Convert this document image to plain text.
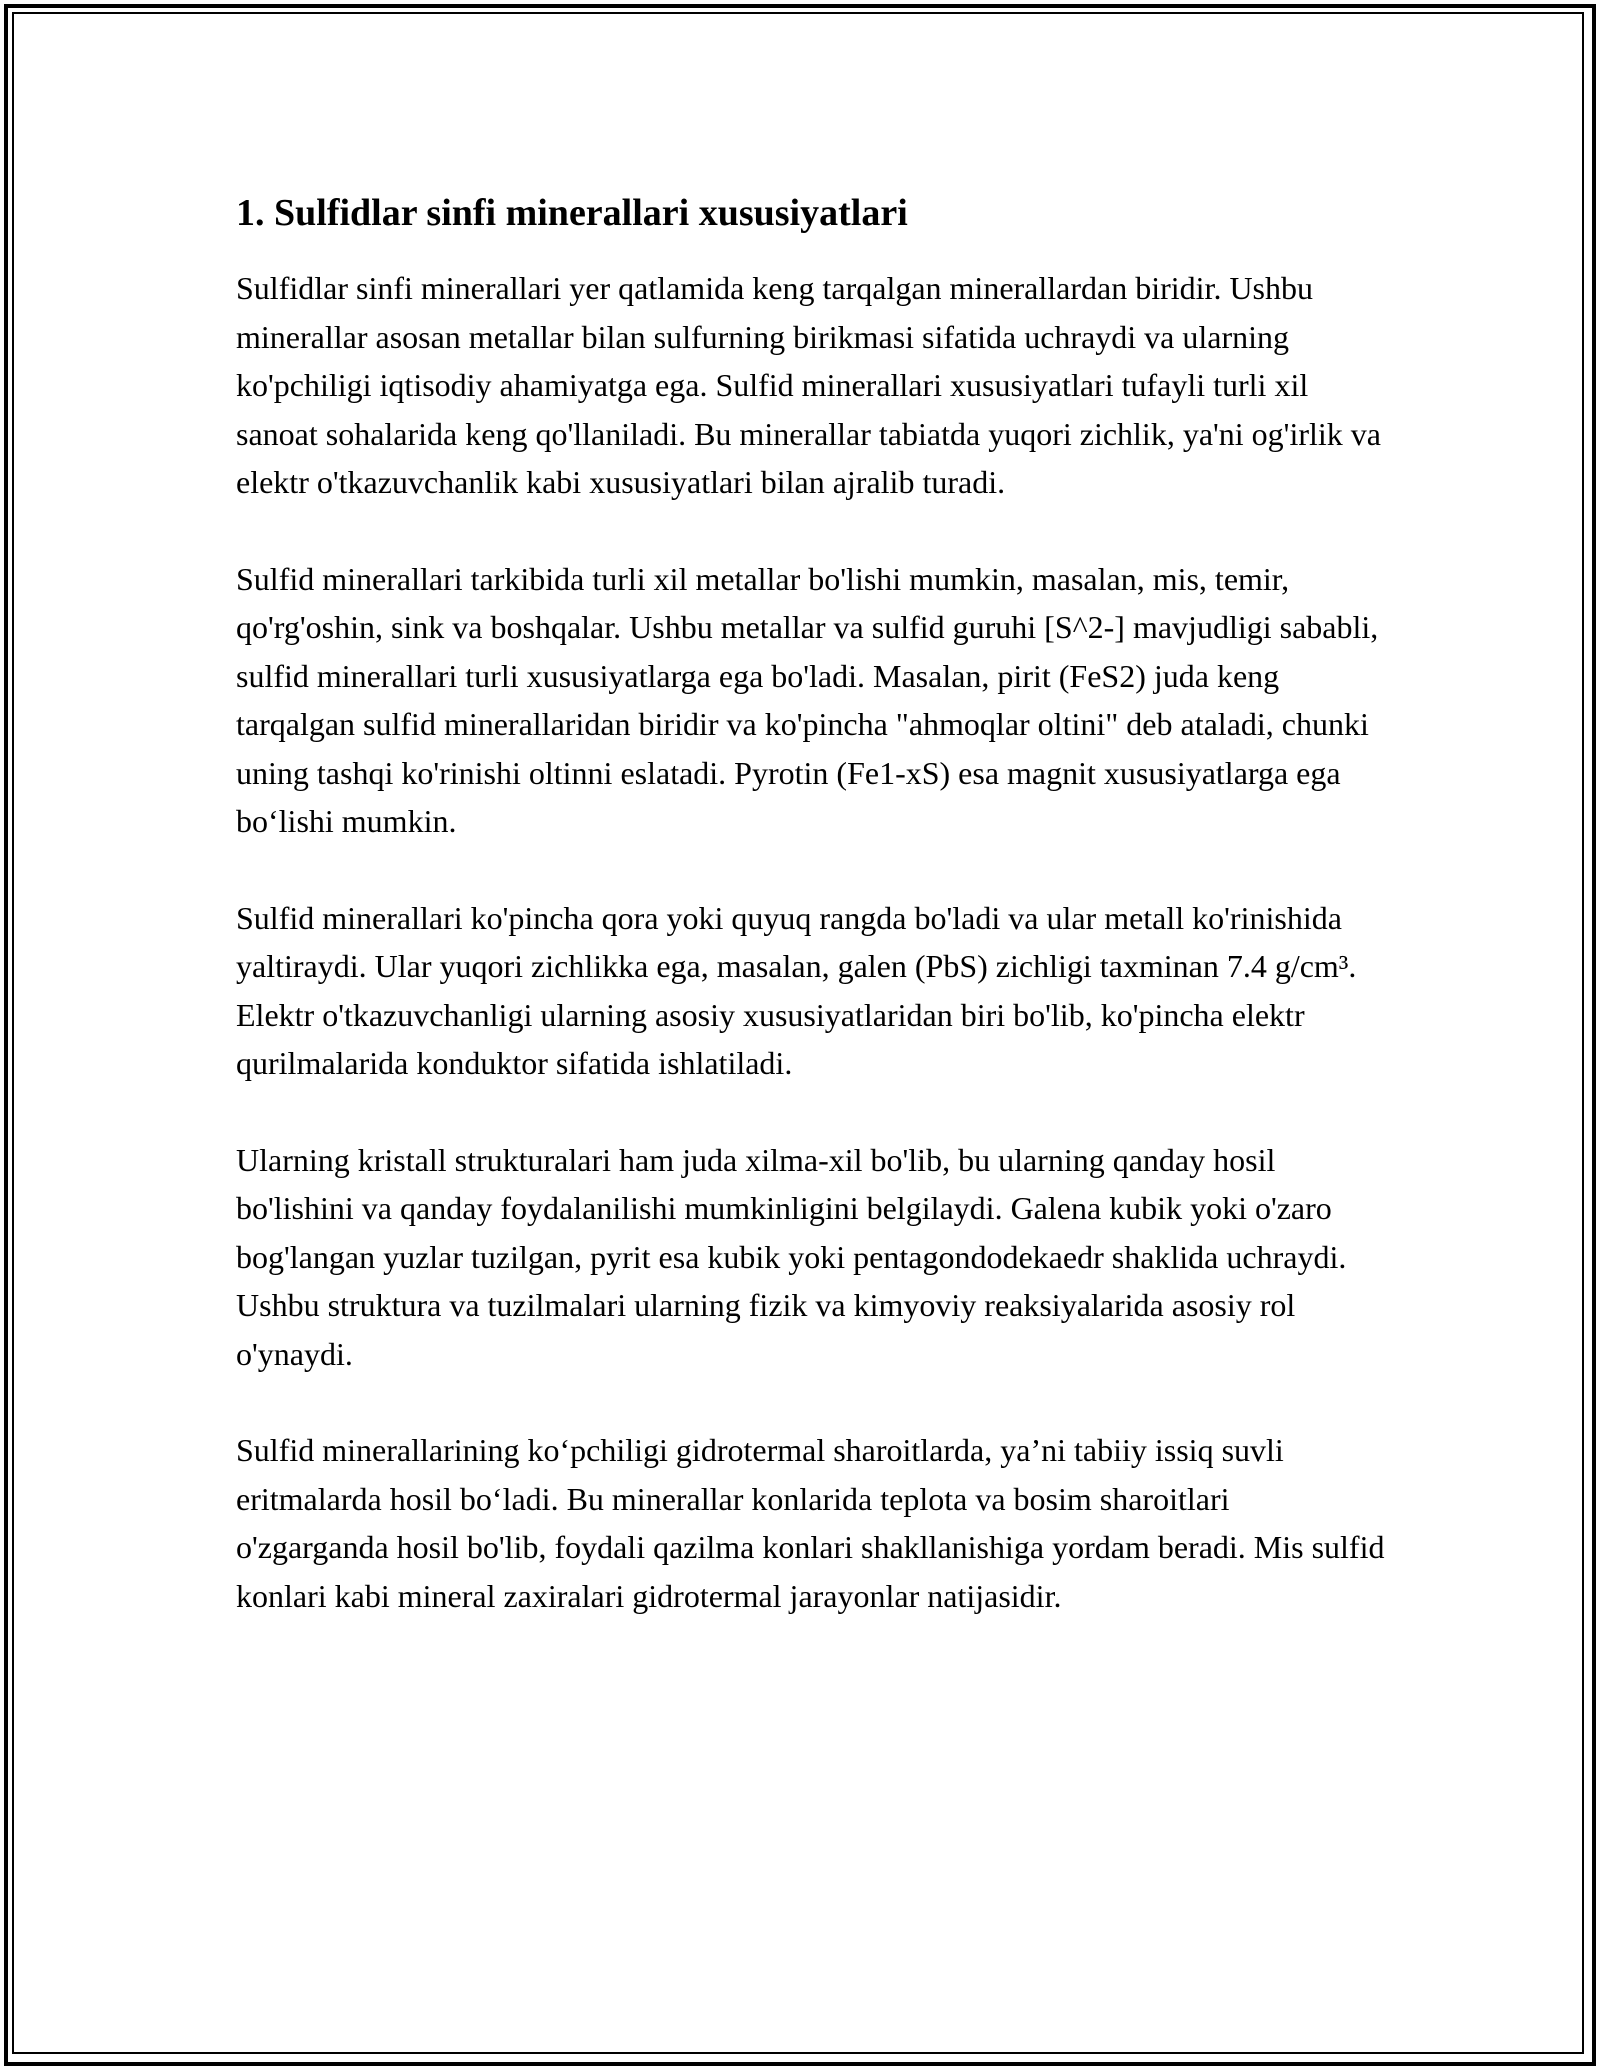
1. Sulfidlar sinfi minerallari xususiyatlari

Sulfidlar sinfi minerallari yer qatlamida keng tarqalgan minerallardan biridir. Ushbu minerallar asosan metallar bilan sulfurning birikmasi sifatida uchraydi va ularning ko'pchiligi iqtisodiy ahamiyatga ega. Sulfid minerallari xususiyatlari tufayli turli xil sanoat sohalarida keng qo'llaniladi. Bu minerallar tabiatda yuqori zichlik, ya'ni og'irlik va elektr o'tkazuvchanlik kabi xususiyatlari bilan ajralib turadi.

Sulfid minerallari tarkibida turli xil metallar bo'lishi mumkin, masalan, mis, temir, qo'rg'oshin, sink va boshqalar. Ushbu metallar va sulfid guruhi [S^2-] mavjudligi sababli, sulfid minerallari turli xususiyatlarga ega bo'ladi. Masalan, pirit (FeS2) juda keng tarqalgan sulfid minerallaridan biridir va ko'pincha "ahmoqlar oltini" deb ataladi, chunki uning tashqi ko'rinishi oltinni eslatadi. Pyrotin (Fe1-xS) esa magnit xususiyatlarga ega bo‘lishi mumkin.

Sulfid minerallari ko'pincha qora yoki quyuq rangda bo'ladi va ular metall ko'rinishida yaltiraydi. Ular yuqori zichlikka ega, masalan, galen (PbS) zichligi taxminan 7.4 g/cm³. Elektr o'tkazuvchanligi ularning asosiy xususiyatlaridan biri bo'lib, ko'pincha elektr qurilmalarida konduktor sifatida ishlatiladi.

Ularning kristall strukturalari ham juda xilma-xil bo'lib, bu ularning qanday hosil bo'lishini va qanday foydalanilishi mumkinligini belgilaydi. Galena kubik yoki o'zaro bog'langan yuzlar tuzilgan, pyrit esa kubik yoki pentagondodekaedr shaklida uchraydi. Ushbu struktura va tuzilmalari ularning fizik va kimyoviy reaksiyalarida asosiy rol o'ynaydi.

Sulfid minerallarining ko‘pchiligi gidrotermal sharoitlarda, ya’ni tabiiy issiq suvli eritmalarda hosil bo‘ladi. Bu minerallar konlarida teplota va bosim sharoitlari o'zgarganda hosil bo'lib, foydali qazilma konlari shakllanishiga yordam beradi. Mis sulfid konlari kabi mineral zaxiralari gidrotermal jarayonlar natijasidir.
